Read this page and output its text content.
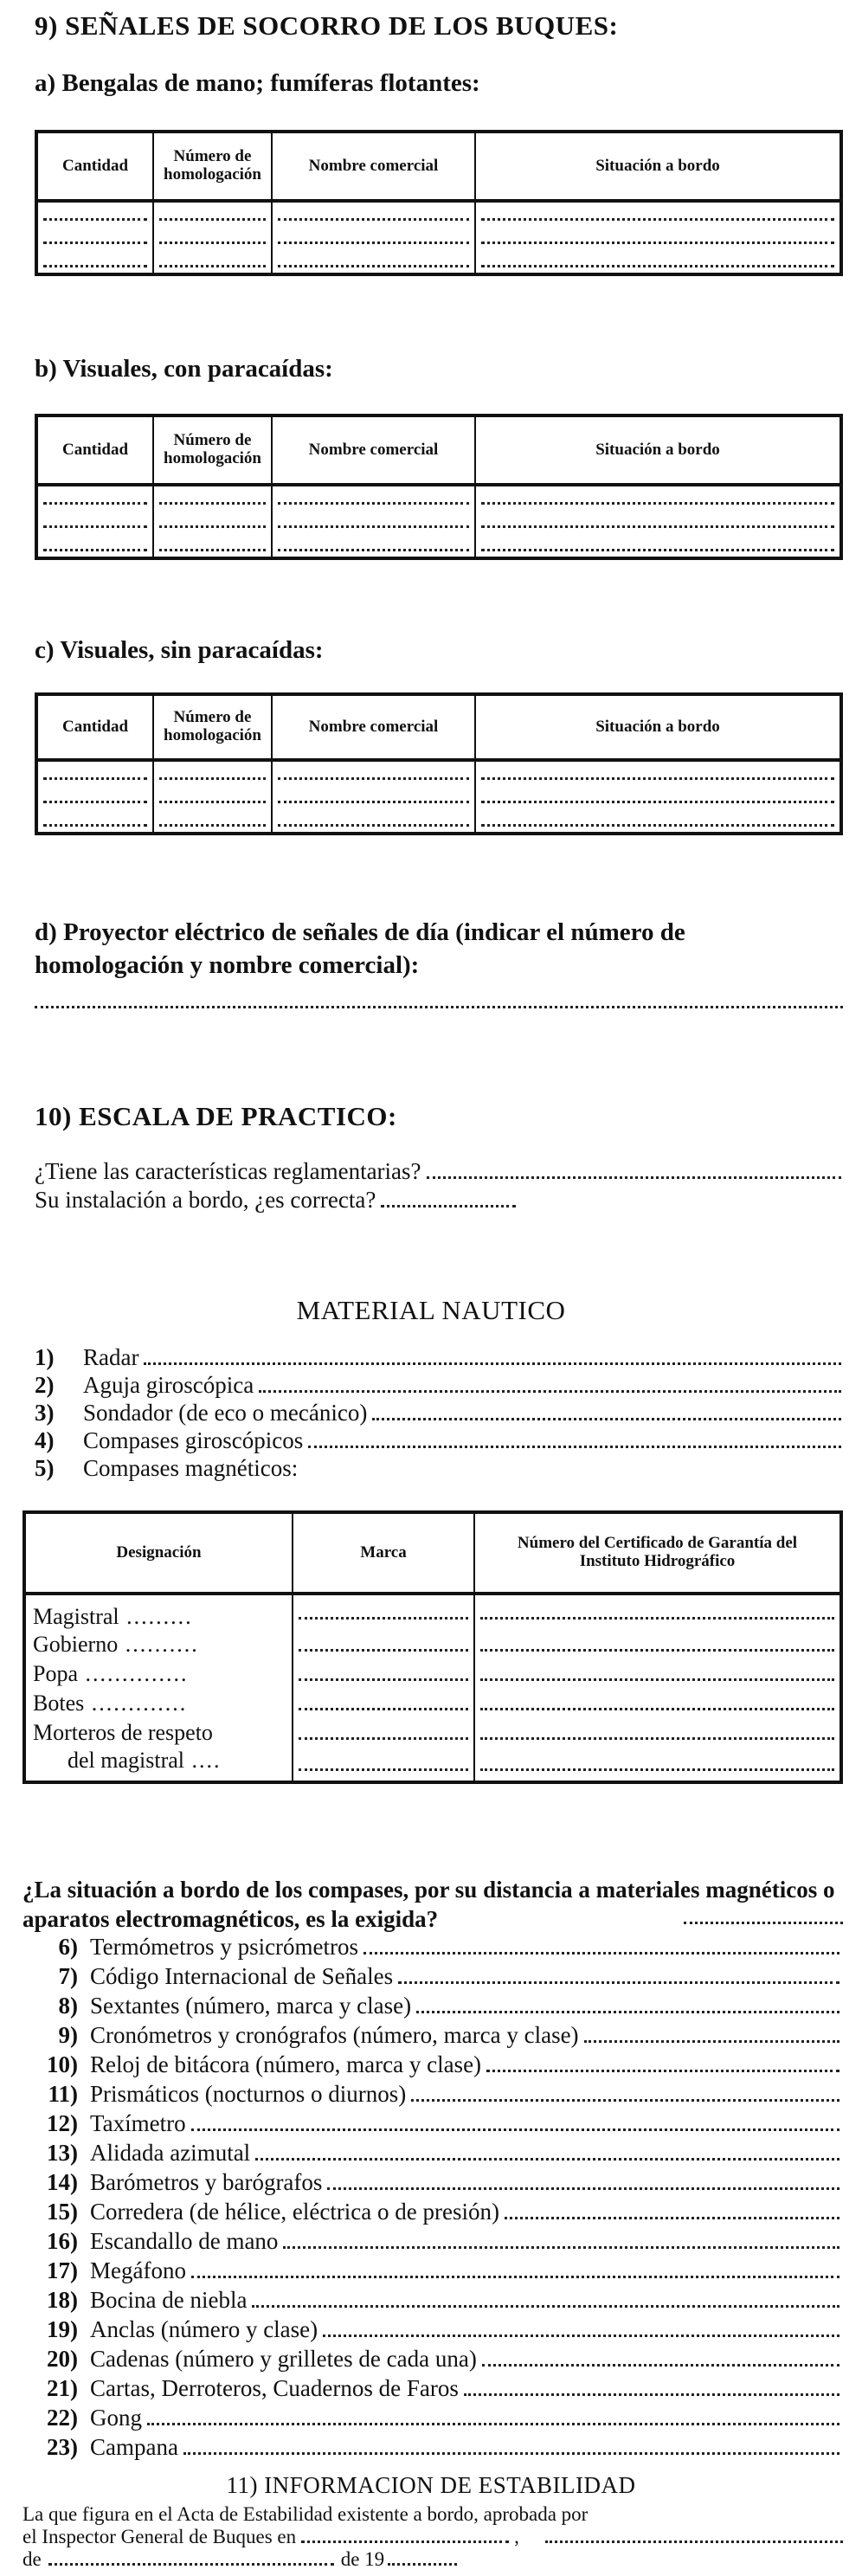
9) SEÑALES DE SOCORRO DE LOS BUQUES:
a) Bengalas de mano; fumíferas flotantes:
Cantidad	Número de homologación	Nombre comercial	Situación a bordo

b) Visuales, con paracaídas:
Cantidad	Número de homologación	Nombre comercial	Situación a bordo

c) Visuales, sin paracaídas:
Cantidad	Número de homologación	Nombre comercial	Situación a bordo

d) Proyector eléctrico de señales de día (indicar el número de homologación y nombre comercial):
10) ESCALA DE PRACTICO:
¿Tiene las características reglamentarias?
Su instalación a bordo, ¿es correcta?
MATERIAL NAUTICO
1)	Radar
2)	Aguja giroscópica
3)	Sondador (de eco o mecánico)
4)	Compases giroscópicos
5)	Compases magnéticos:
Designación	Marca	Número del Certificado de Garantía del Instituto Hidrográfico
Magistral .........	

Gobierno ..........	

Popa ..............	

Botes .............	

Morteros de respeto	

del magistral ....	

¿La situación a bordo de los compases, por su distancia a materiales magnéticos o aparatos electromagnéticos, es la exigida?
6) Termómetros y psicrómetros
7) Código Internacional de Señales
8) Sextantes (número, marca y clase)
9) Cronómetros y cronógrafos (número, marca y clase)
10) Reloj de bitácora (número, marca y clase)
11) Prismáticos (nocturnos o diurnos)
12) Taxímetro
13) Alidada azimutal
14) Barómetros y barógrafos
15) Corredera (de hélice, eléctrica o de presión)
16) Escandallo de mano
17) Megáfono
18) Bocina de niebla
19) Anclas (número y clase)
20) Cadenas (número y grilletes de cada una)
21) Cartas, Derroteros, Cuadernos de Faros
22) Gong
23) Campana
11) INFORMACION DE ESTABILIDAD
La que figura en el Acta de Estabilidad existente a bordo, aprobada por
el Inspector General de Buques en	,
de	de 19
